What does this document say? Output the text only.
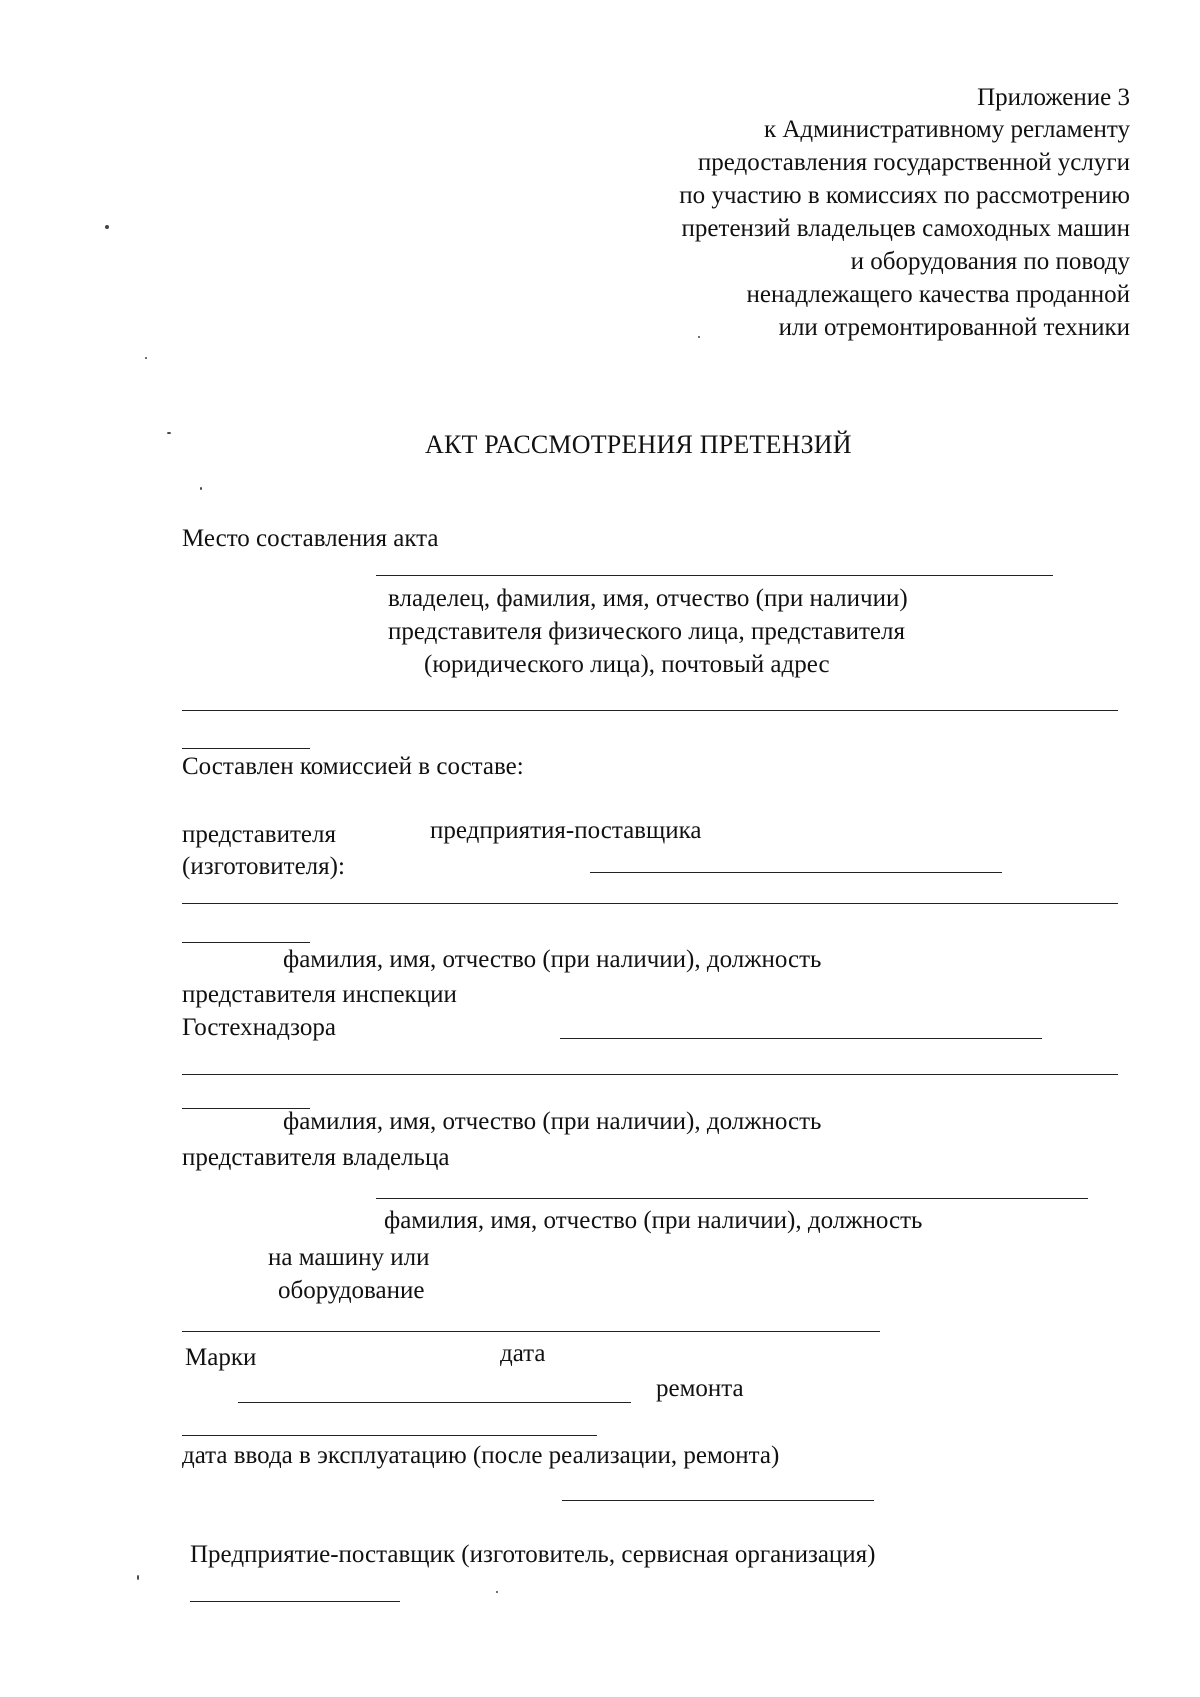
Приложение 3
к Административному регламенту
предоставления государственной услуги
по участию в комиссиях по рассмотрению
претензий владельцев самоходных машин
и оборудования по поводу
ненадлежащего качества проданной
или отремонтированной техники
АКТ РАССМОТРЕНИЯ ПРЕТЕНЗИЙ
Место составления акта
владелец, фамилия, имя, отчество (при наличии)
представителя физического лица, представителя
(юридического лица), почтовый адрес
Составлен комиссией в составе:
представителя	предприятия-поставщика
(изготовителя):
фамилия, имя, отчество (при наличии), должность
представителя инспекции
Гостехнадзора
фамилия, имя, отчество (при наличии), должность
представителя владельца
фамилия, имя, отчество (при наличии), должность
на машину или
оборудование
Марки	дата
ремонта
дата ввода в эксплуатацию (после реализации, ремонта)
Предприятие-поставщик (изготовитель, сервисная организация)
